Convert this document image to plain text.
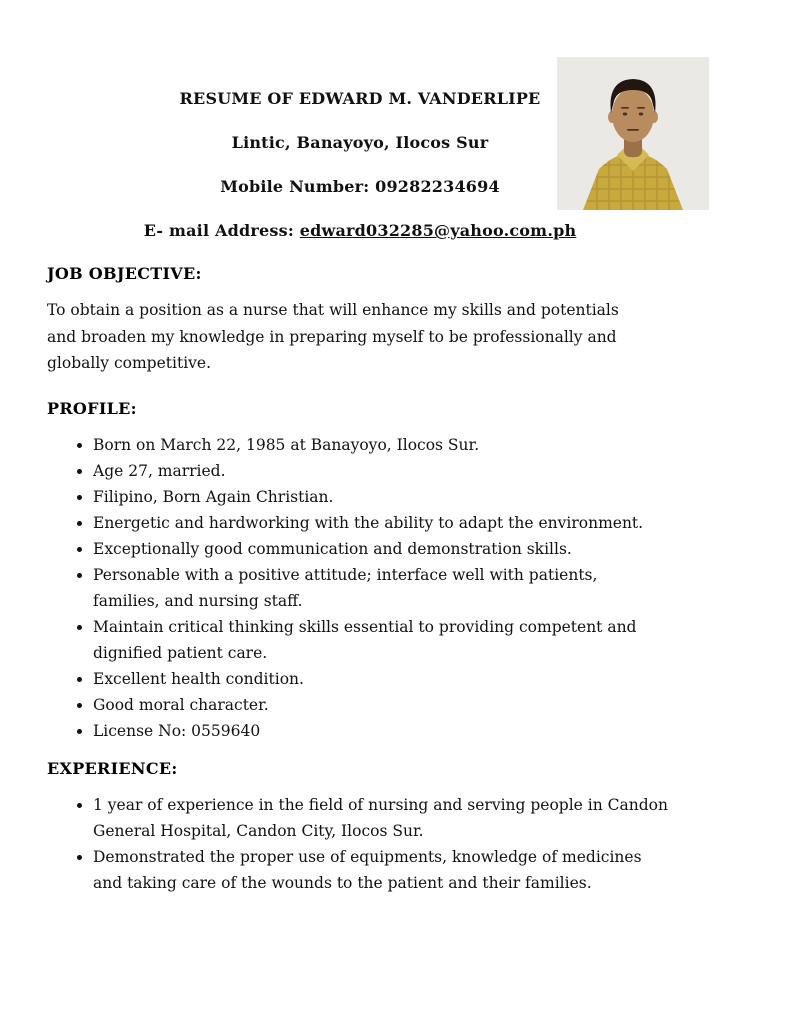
RESUME OF EDWARD M. VANDERLIPE
Lintic, Banayoyo, Ilocos Sur
Mobile Number: 09282234694
E- mail Address: edward032285@yahoo.com.ph
JOB OBJECTIVE:

To obtain a position as a nurse that will enhance my skills and potentials and broaden my knowledge in preparing myself to be professionally and globally competitive.

PROFILE:
• Born on March 22, 1985 at Banayoyo, Ilocos Sur.
• Age 27, married.
• Filipino, Born Again Christian.
• Energetic and hardworking with the ability to adapt the environment.
• Exceptionally good communication and demonstration skills.
• Personable with a positive attitude; interface well with patients, families, and nursing staff.
• Maintain critical thinking skills essential to providing competent and dignified patient care.
• Excellent health condition.
• Good moral character.
• License No: 0559640
EXPERIENCE:
• 1 year of experience in the field of nursing and serving people in Candon General Hospital, Candon City, Ilocos Sur.
• Demonstrated the proper use of equipments, knowledge of medicines and taking care of the wounds to the patient and their families.
